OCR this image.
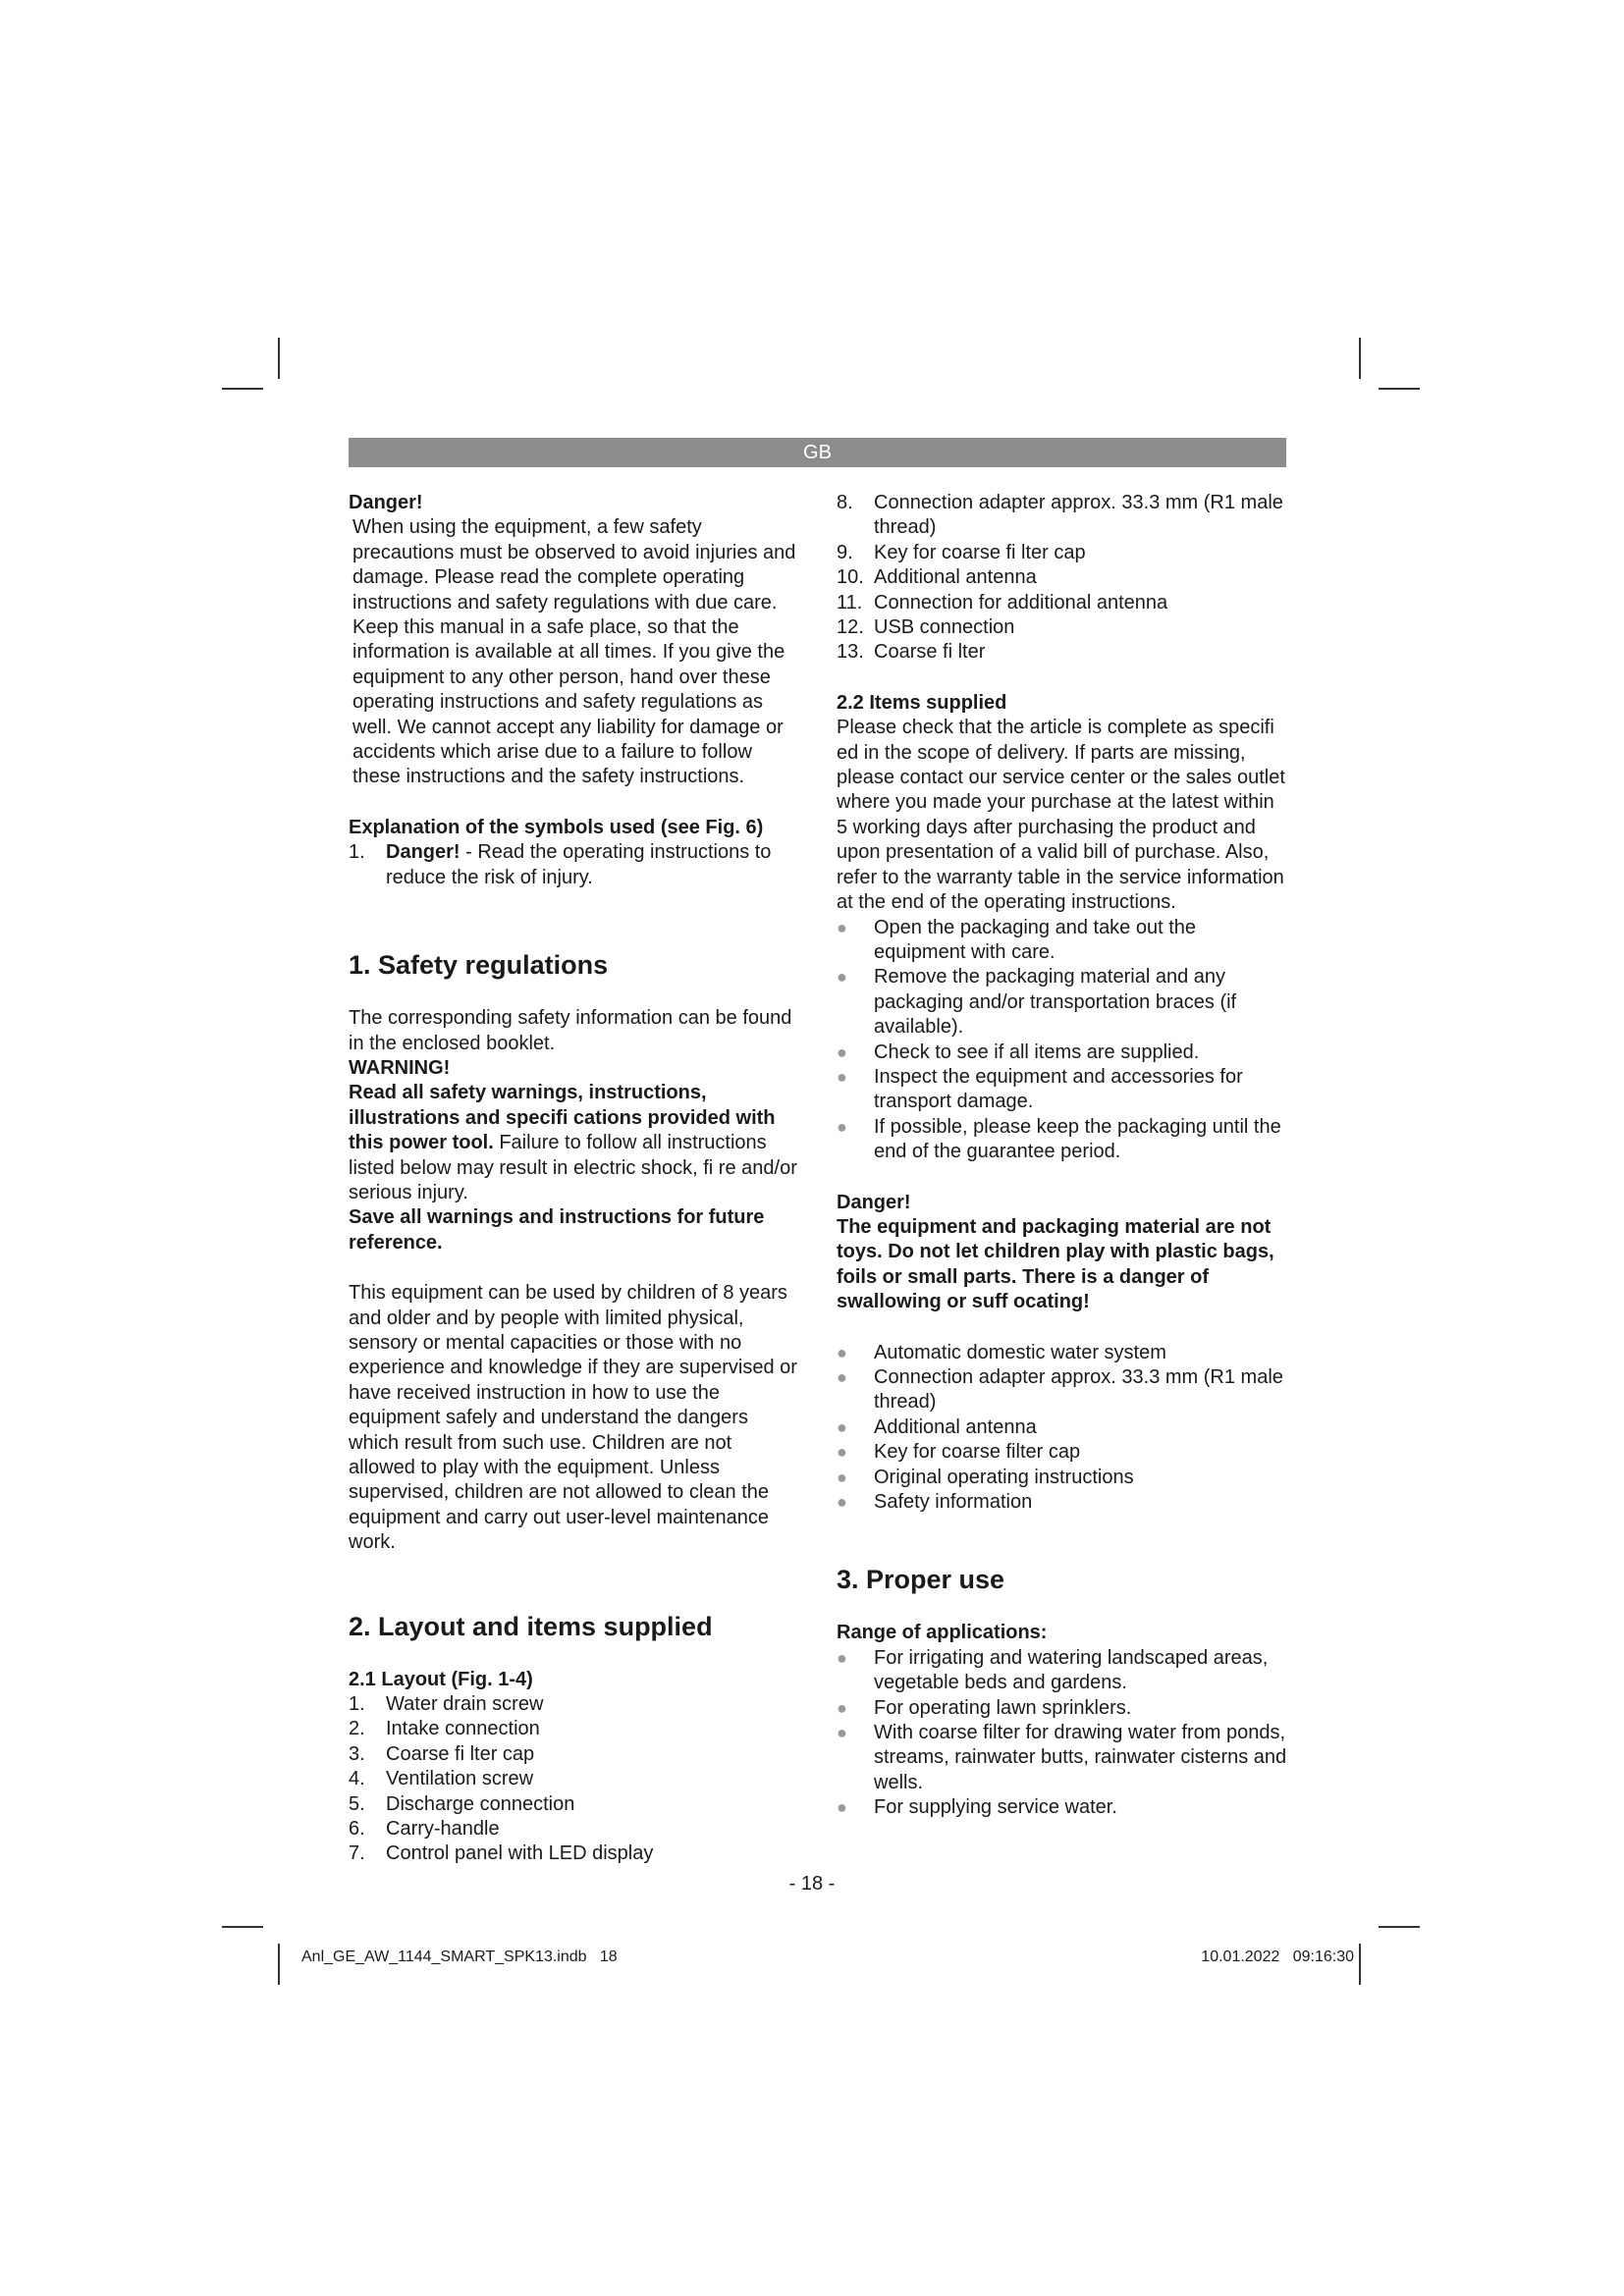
GB

Danger!

When using the equipment, a few safety precautions must be observed to avoid injuries and damage. Please read the complete operating instructions and safety regulations with due care. Keep this manual in a safe place, so that the information is available at all times. If you give the equipment to any other person, hand over these operating instructions and safety regulations as well. We cannot accept any liability for damage or accidents which arise due to a failure to follow these instructions and the safety instructions.

Explanation of the symbols used (see Fig. 6)

1. Danger! - Read the operating instructions to reduce the risk of injury.

1. Safety regulations

The corresponding safety information can be found in the enclosed booklet.

WARNING!

Read all safety warnings, instructions, illustrations and specifi cations provided with this power tool. Failure to follow all instructions listed below may result in electric shock, fi re and/or serious injury.

Save all warnings and instructions for future reference.

This equipment can be used by children of 8 years and older and by people with limited physical, sensory or mental capacities or those with no experience and knowledge if they are supervised or have received instruction in how to use the equipment safely and understand the dangers which result from such use. Children are not allowed to play with the equipment. Unless supervised, children are not allowed to clean the equipment and carry out user-level maintenance work.

2. Layout and items supplied

2.1 Layout (Fig. 1-4)

1. Water drain screw
2. Intake connection
3. Coarse fi lter cap
4. Ventilation screw
5. Discharge connection
6. Carry-handle
7. Control panel with LED display
8. Connection adapter approx. 33.3 mm (R1 male thread)
9. Key for coarse fi lter cap
10. Additional antenna
11. Connection for additional antenna
12. USB connection
13. Coarse fi lter

2.2 Items supplied

Please check that the article is complete as specifi ed in the scope of delivery. If parts are missing, please contact our service center or the sales outlet where you made your purchase at the latest within 5 working days after purchasing the product and upon presentation of a valid bill of purchase. Also, refer to the warranty table in the service information at the end of the operating instructions.

● Open the packaging and take out the equipment with care.
● Remove the packaging material and any packaging and/or transportation braces (if available).
● Check to see if all items are supplied.
● Inspect the equipment and accessories for transport damage.
● If possible, please keep the packaging until the end of the guarantee period.

Danger!

The equipment and packaging material are not toys. Do not let children play with plastic bags, foils or small parts. There is a danger of swallowing or suff ocating!

● Automatic domestic water system
● Connection adapter approx. 33.3 mm (R1 male thread)
● Additional antenna
● Key for coarse filter cap
● Original operating instructions
● Safety information

3. Proper use

Range of applications:

● For irrigating and watering landscaped areas, vegetable beds and gardens.
● For operating lawn sprinklers.
● With coarse filter for drawing water from ponds, streams, rainwater butts, rainwater cisterns and wells.
● For supplying service water.
- 18 -
Anl_GE_AW_1144_SMART_SPK13.indb   18	10.01.2022   09:16:30
